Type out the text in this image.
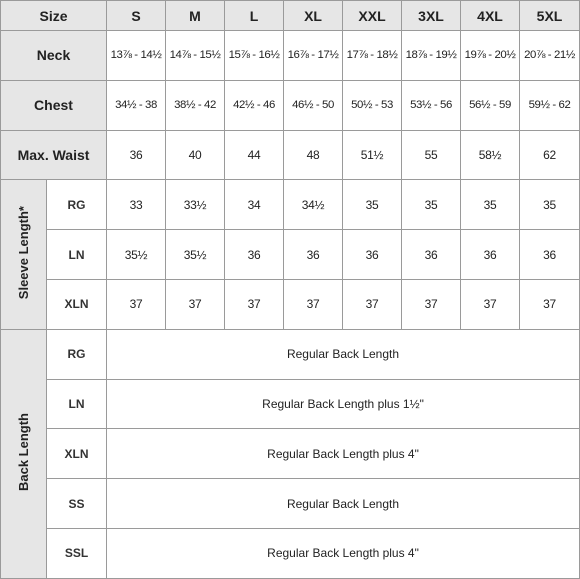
Size		S	M	L	XL	XXL	3XL	4XL	5XL
Neck		13⅞ - 14½	14⅞ - 15½	15⅞ - 16½	16⅞ - 17½	17⅞ - 18½	18⅞ - 19½	19⅞ - 20½	20⅞ - 21½
Chest		34½ - 38	38½ - 42	42½ - 46	46½ - 50	50½ - 53	53½ - 56	56½ - 59	59½ - 62
Max. Waist		36	40	44	48	51½	55	58½	62
Sleeve Length*	RG	33	33½	34	34½	35	35	35	35
	LN	35½	35½	36	36	36	36	36	36
	XLN	37	37	37	37	37	37	37	37
Back Length	RG	Regular Back Length							
	LN	Regular Back Length plus 1½"							
	XLN	Regular Back Length plus 4"							
	SS	Regular Back Length							
	SSL	Regular Back Length plus 4"							
